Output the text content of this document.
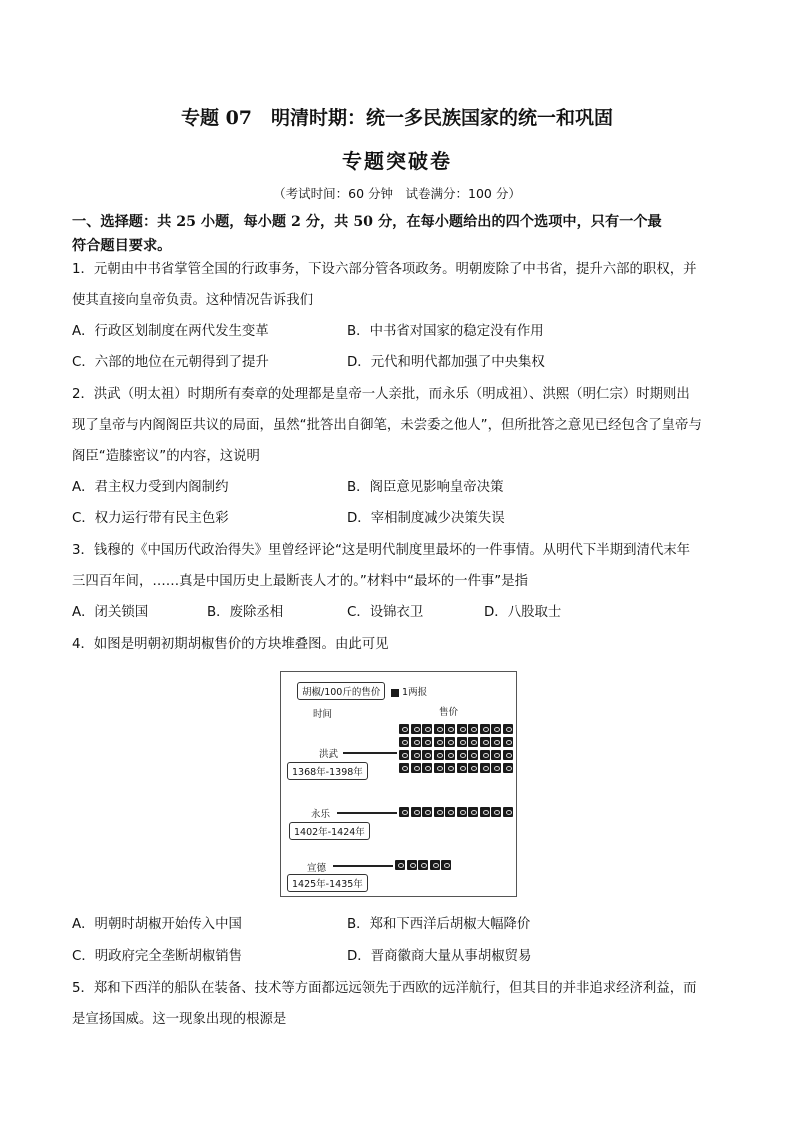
专题 07　明清时期：统一多民族国家的统一和巩固
专题突破卷
（考试时间：60 分钟　试卷满分：100 分）
一、选择题：共 25 小题，每小题 2 分，共 50 分，在每小题给出的四个选项中，只有一个最
符合题目要求。
1．元朝由中书省掌管全国的行政事务，下设六部分管各项政务。明朝废除了中书省，提升六部的职权，并
使其直接向皇帝负责。这种情况告诉我们
A．行政区划制度在两代发生变革	B．中书省对国家的稳定没有作用
C．六部的地位在元朝得到了提升	D．元代和明代都加强了中央集权
2．洪武（明太祖）时期所有奏章的处理都是皇帝一人亲批，而永乐（明成祖）、洪熙（明仁宗）时期则出
现了皇帝与内阁阁臣共议的局面，虽然“批答出自御笔，未尝委之他人”，但所批答之意见已经包含了皇帝与
阁臣“造膝密议”的内容，这说明
A．君主权力受到内阁制约	B．阁臣意见影响皇帝决策
C．权力运行带有民主色彩	D．宰相制度减少决策失误
3．钱穆的《中国历代政治得失》里曾经评论“这是明代制度里最坏的一件事情。从明代下半期到清代末年
三四百年间，……真是中国历史上最断丧人才的。”材料中“最坏的一件事”是指
A．闭关锁国	B．废除丞相	C．设锦衣卫	D．八股取士
4．如图是明朝初期胡椒售价的方块堆叠图。由此可见
胡椒/100斤的售价	1两报
时间	售价
洪武
1368年-1398年
永乐
1402年-1424年
宣德
1425年-1435年
A．明朝时胡椒开始传入中国	B．郑和下西洋后胡椒大幅降价
C．明政府完全垄断胡椒销售	D．晋商徽商大量从事胡椒贸易
5．郑和下西洋的船队在装备、技术等方面都远远领先于西欧的远洋航行，但其目的并非追求经济利益，而
是宣扬国威。这一现象出现的根源是
